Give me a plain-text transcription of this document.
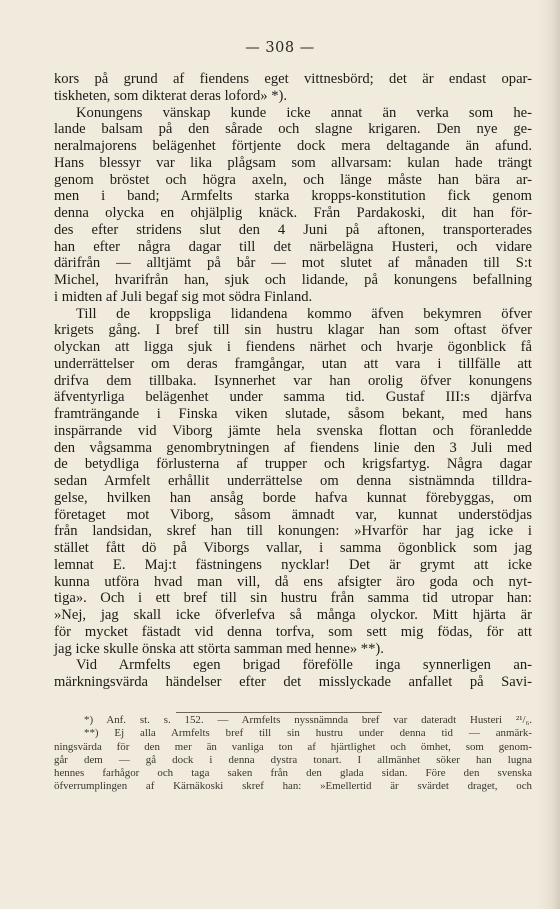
— 308 —
kors på grund af fiendens eget vittnesbörd; det är endast opar-
tiskheten, som dikterat deras loford» *).
Konungens vänskap kunde icke annat än verka som he-
lande balsam på den sårade och slagne krigaren. Den nye ge-
neralmajorens belägenhet förtjente dock mera deltagande än afund.
Hans blessyr var lika plågsam som allvarsam: kulan hade trängt
genom bröstet och högra axeln, och länge måste han bära ar-
men i band; Armfelts starka kropps-konstitution fick genom
denna olycka en ohjälplig knäck. Från Pardakoski, dit han för-
des efter stridens slut den 4 Juni på aftonen, transporterades
han efter några dagar till det närbelägna Husteri, och vidare
därifrån — alltjämt på bår — mot slutet af månaden till S:t
Michel, hvarifrån han, sjuk och lidande, på konungens befallning
i midten af Juli begaf sig mot södra Finland.
Till de kroppsliga lidandena kommo äfven bekymren öfver
krigets gång. I bref till sin hustru klagar han som oftast öfver
olyckan att ligga sjuk i fiendens närhet och hvarje ögonblick få
underrättelser om deras framgångar, utan att vara i tillfälle att
drifva dem tillbaka. Isynnerhet var han orolig öfver konungens
äfventyrliga belägenhet under samma tid. Gustaf III:s djärfva
framträngande i Finska viken slutade, såsom bekant, med hans
inspärrande vid Viborg jämte hela svenska flottan och föranledde
den vågsamma genombrytningen af fiendens linie den 3 Juli med
de betydliga förlusterna af trupper och krigsfartyg. Några dagar
sedan Armfelt erhållit underrättelse om denna sistnämnda tilldra-
gelse, hvilken han ansåg borde hafva kunnat förebyggas, om
företaget mot Viborg, såsom ämnadt var, kunnat understödjas
från landsidan, skref han till konungen: »Hvarför har jag icke i
stället fått dö på Viborgs vallar, i samma ögonblick som jag
lemnat E. Maj:t fästningens nycklar! Det är grymt att icke
kunna utföra hvad man vill, då ens afsigter äro goda och nyt-
tiga». Och i ett bref till sin hustru från samma tid utropar han:
»Nej, jag skall icke öfverlefva så många olyckor. Mitt hjärta är
för mycket fästadt vid denna torfva, som sett mig födas, för att
jag icke skulle önska att störta samman med henne» **).
Vid Armfelts egen brigad förefölle inga synnerligen an-
märkningsvärda händelser efter det misslyckade anfallet på Savi-
*) Anf. st. s. 152. — Armfelts nyssnämnda bref var dateradt Husteri ²¹/₆.
**) Ej alla Armfelts bref till sin hustru under denna tid — anmärk-
ningsvärda för den mer än vanliga ton af hjärtlighet och ömhet, som genom-
går dem — gå dock i denna dystra tonart. I allmänhet söker han lugna
hennes farhågor och taga saken från den glada sidan. Före den svenska
öfverrumplingen af Kärnäkoski skref han: »Emellertid är svärdet draget, och
